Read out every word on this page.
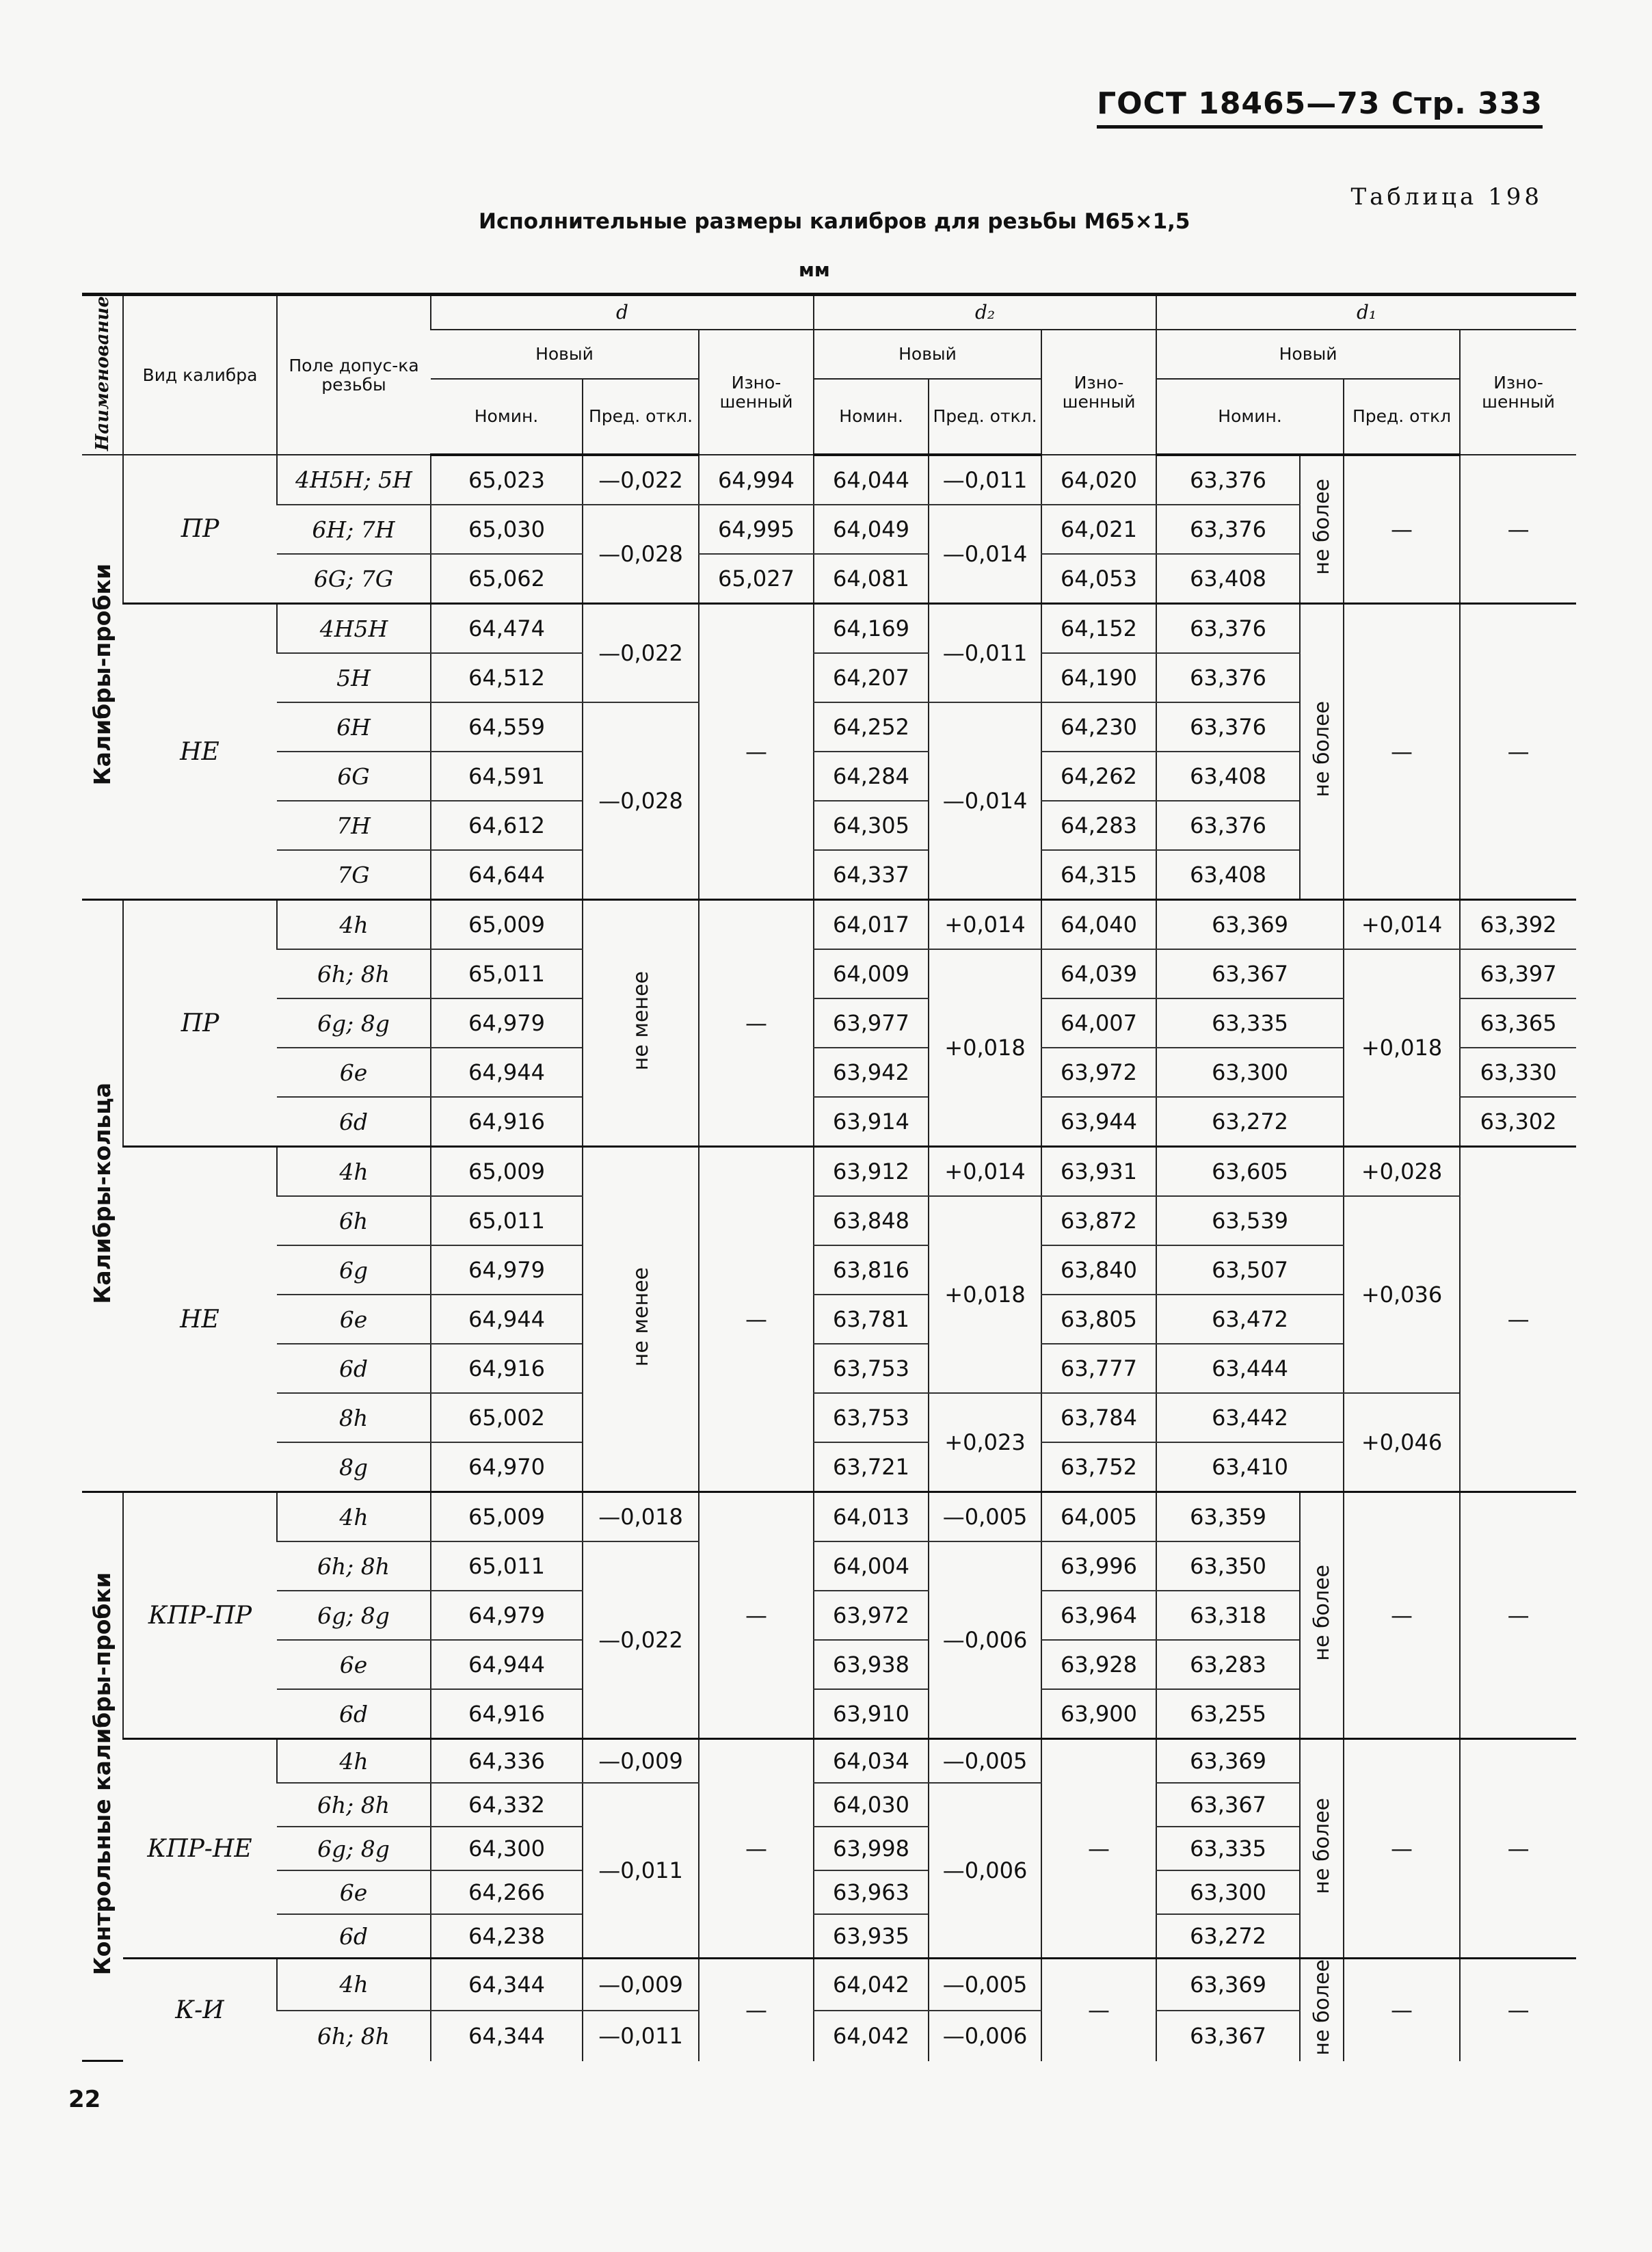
ГОСТ 18465—73 Стр. 333
Таблица 198
Исполнительные размеры калибров для резьбы М65×1,5
мм
Наименование	Вид калибра	Поле допус-ка резьбы	d			d₂			d₁			
			Новый		Изно-шенный	Новый		Изно-шенный	Новый			Изно-шенный
			Номин.	Пред. откл.		Номин.	Пред. откл.		Номин.		Пред. откл	
Калибры-пробки	ПР	4H5H; 5H	65,023	—0,022	64,994	64,044	—0,011	64,020	63,376	не более	—	—
		6H; 7H	65,030	—0,028	64,995	64,049	—0,014	64,021	63,376			
		6G; 7G	65,062		65,027	64,081		64,053	63,408			
	НЕ	4H5H	64,474	—0,022	—	64,169	—0,011	64,152	63,376	не более	—	—
		5H	64,512			64,207		64,190	63,376			
		6H	64,559	—0,028		64,252	—0,014	64,230	63,376			
		6G	64,591			64,284		64,262	63,408			
		7H	64,612			64,305		64,283	63,376			
		7G	64,644			64,337		64,315	63,408			
Калибры-кольца	ПР	4h	65,009	не менее	—	64,017	+0,014	64,040	63,369		+0,014	63,392
		6h; 8h	65,011			64,009	+0,018	64,039	63,367		+0,018	63,397
		6g; 8g	64,979			63,977		64,007	63,335			63,365
		6e	64,944			63,942		63,972	63,300			63,330
		6d	64,916			63,914		63,944	63,272			63,302
	НЕ	4h	65,009	не менее	—	63,912	+0,014	63,931	63,605		+0,028	—
		6h	65,011			63,848	+0,018	63,872	63,539		+0,036	
		6g	64,979			63,816		63,840	63,507			
		6e	64,944			63,781		63,805	63,472			
		6d	64,916			63,753		63,777	63,444			
		8h	65,002			63,753	+0,023	63,784	63,442		+0,046	
		8g	64,970			63,721		63,752	63,410			
Контрольные калибры-пробки	КПР-ПР	4h	65,009	—0,018	—	64,013	—0,005	64,005	63,359	не более	—	—
		6h; 8h	65,011	—0,022		64,004	—0,006	63,996	63,350			
		6g; 8g	64,979			63,972		63,964	63,318			
		6e	64,944			63,938		63,928	63,283			
		6d	64,916			63,910		63,900	63,255			
	КПР-НЕ	4h	64,336	—0,009	—	64,034	—0,005	—	63,369	не более	—	—
		6h; 8h	64,332	—0,011		64,030	—0,006		63,367			
		6g; 8g	64,300			63,998			63,335			
		6e	64,266			63,963			63,300			
		6d	64,238			63,935			63,272			
	К-И	4h	64,344	—0,009	—	64,042	—0,005	—	63,369	не более	—	—
		6h; 8h	64,344	—0,011		64,042	—0,006		63,367			
22
